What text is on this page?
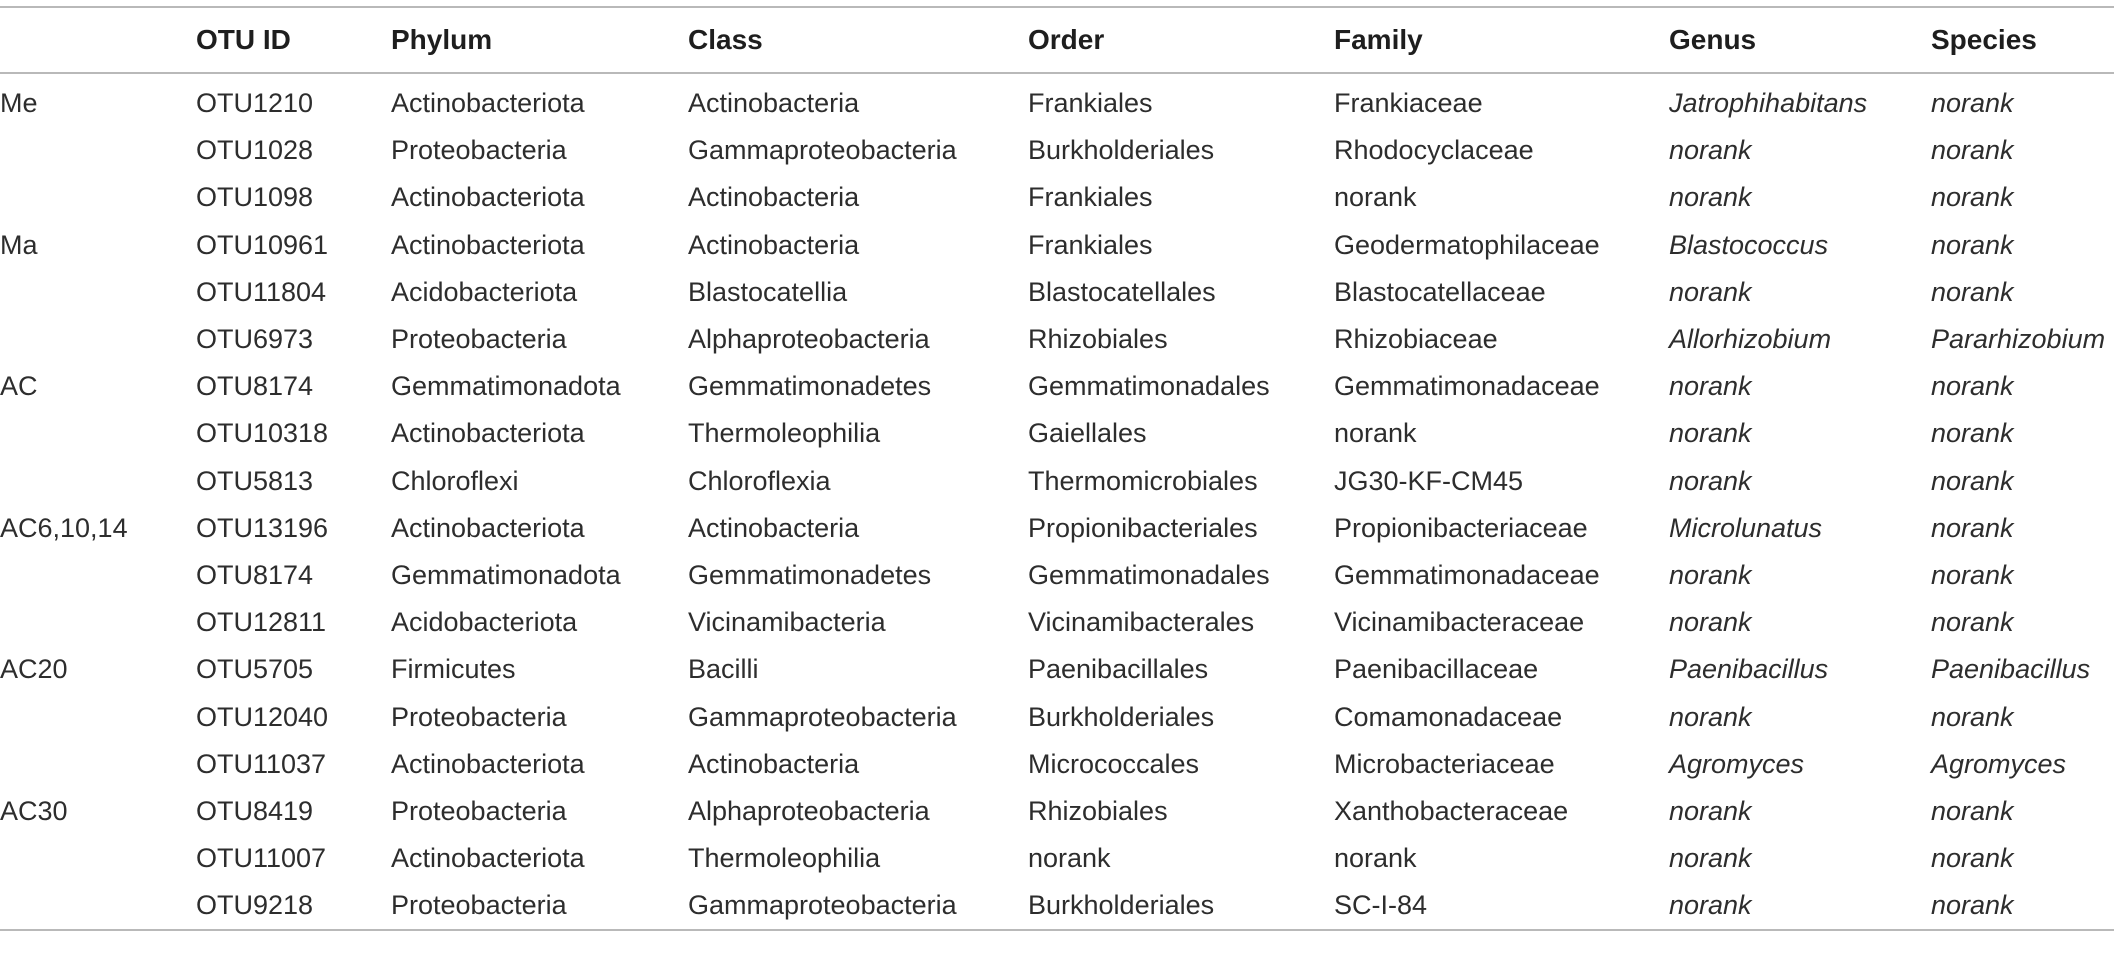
	OTU ID	Phylum	Class	Order	Family	Genus	Species
Me	OTU1210	Actinobacteriota	Actinobacteria	Frankiales	Frankiaceae	Jatrophihabitans	norank
	OTU1028	Proteobacteria	Gammaproteobacteria	Burkholderiales	Rhodocyclaceae	norank	norank
	OTU1098	Actinobacteriota	Actinobacteria	Frankiales	norank	norank	norank
Ma	OTU10961	Actinobacteriota	Actinobacteria	Frankiales	Geodermatophilaceae	Blastococcus	norank
	OTU11804	Acidobacteriota	Blastocatellia	Blastocatellales	Blastocatellaceae	norank	norank
	OTU6973	Proteobacteria	Alphaproteobacteria	Rhizobiales	Rhizobiaceae	Allorhizobium	Pararhizobium
AC	OTU8174	Gemmatimonadota	Gemmatimonadetes	Gemmatimonadales	Gemmatimonadaceae	norank	norank
	OTU10318	Actinobacteriota	Thermoleophilia	Gaiellales	norank	norank	norank
	OTU5813	Chloroflexi	Chloroflexia	Thermomicrobiales	JG30-KF-CM45	norank	norank
AC6,10,14	OTU13196	Actinobacteriota	Actinobacteria	Propionibacteriales	Propionibacteriaceae	Microlunatus	norank
	OTU8174	Gemmatimonadota	Gemmatimonadetes	Gemmatimonadales	Gemmatimonadaceae	norank	norank
	OTU12811	Acidobacteriota	Vicinamibacteria	Vicinamibacterales	Vicinamibacteraceae	norank	norank
AC20	OTU5705	Firmicutes	Bacilli	Paenibacillales	Paenibacillaceae	Paenibacillus	Paenibacillus
	OTU12040	Proteobacteria	Gammaproteobacteria	Burkholderiales	Comamonadaceae	norank	norank
	OTU11037	Actinobacteriota	Actinobacteria	Micrococcales	Microbacteriaceae	Agromyces	Agromyces
AC30	OTU8419	Proteobacteria	Alphaproteobacteria	Rhizobiales	Xanthobacteraceae	norank	norank
	OTU11007	Actinobacteriota	Thermoleophilia	norank	norank	norank	norank
	OTU9218	Proteobacteria	Gammaproteobacteria	Burkholderiales	SC-I-84	norank	norank
